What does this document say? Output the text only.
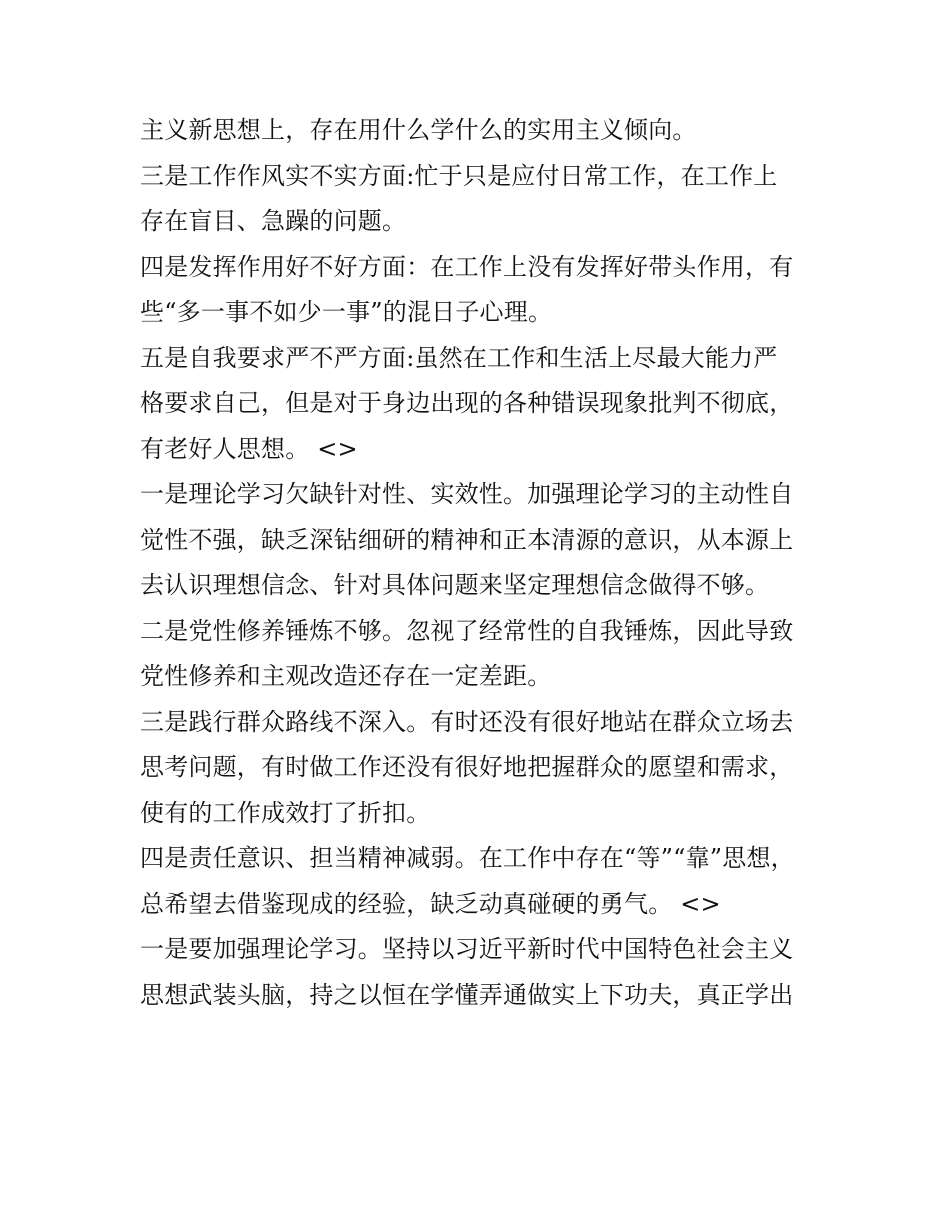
主义新思想上，存在用什么学什么的实用主义倾向。
三是工作作风实不实方面:忙于只是应付日常工作，在工作上
存在盲目、急躁的问题。
四是发挥作用好不好方面：在工作上没有发挥好带头作用，有
些“多一事不如少一事”的混日子心理。
五是自我要求严不严方面:虽然在工作和生活上尽最大能力严
格要求自己，但是对于身边出现的各种错误现象批判不彻底，
有老好人思想。 <>
一是理论学习欠缺针对性、实效性。加强理论学习的主动性自
觉性不强，缺乏深钻细研的精神和正本清源的意识，从本源上
去认识理想信念、针对具体问题来坚定理想信念做得不够。
二是党性修养锤炼不够。忽视了经常性的自我锤炼，因此导致
党性修养和主观改造还存在一定差距。
三是践行群众路线不深入。有时还没有很好地站在群众立场去
思考问题，有时做工作还没有很好地把握群众的愿望和需求，
使有的工作成效打了折扣。
四是责任意识、担当精神减弱。在工作中存在“等”“靠”思想，
总希望去借鉴现成的经验，缺乏动真碰硬的勇气。 <>
一是要加强理论学习。坚持以习近平新时代中国特色社会主义
思想武装头脑，持之以恒在学懂弄通做实上下功夫，真正学出
